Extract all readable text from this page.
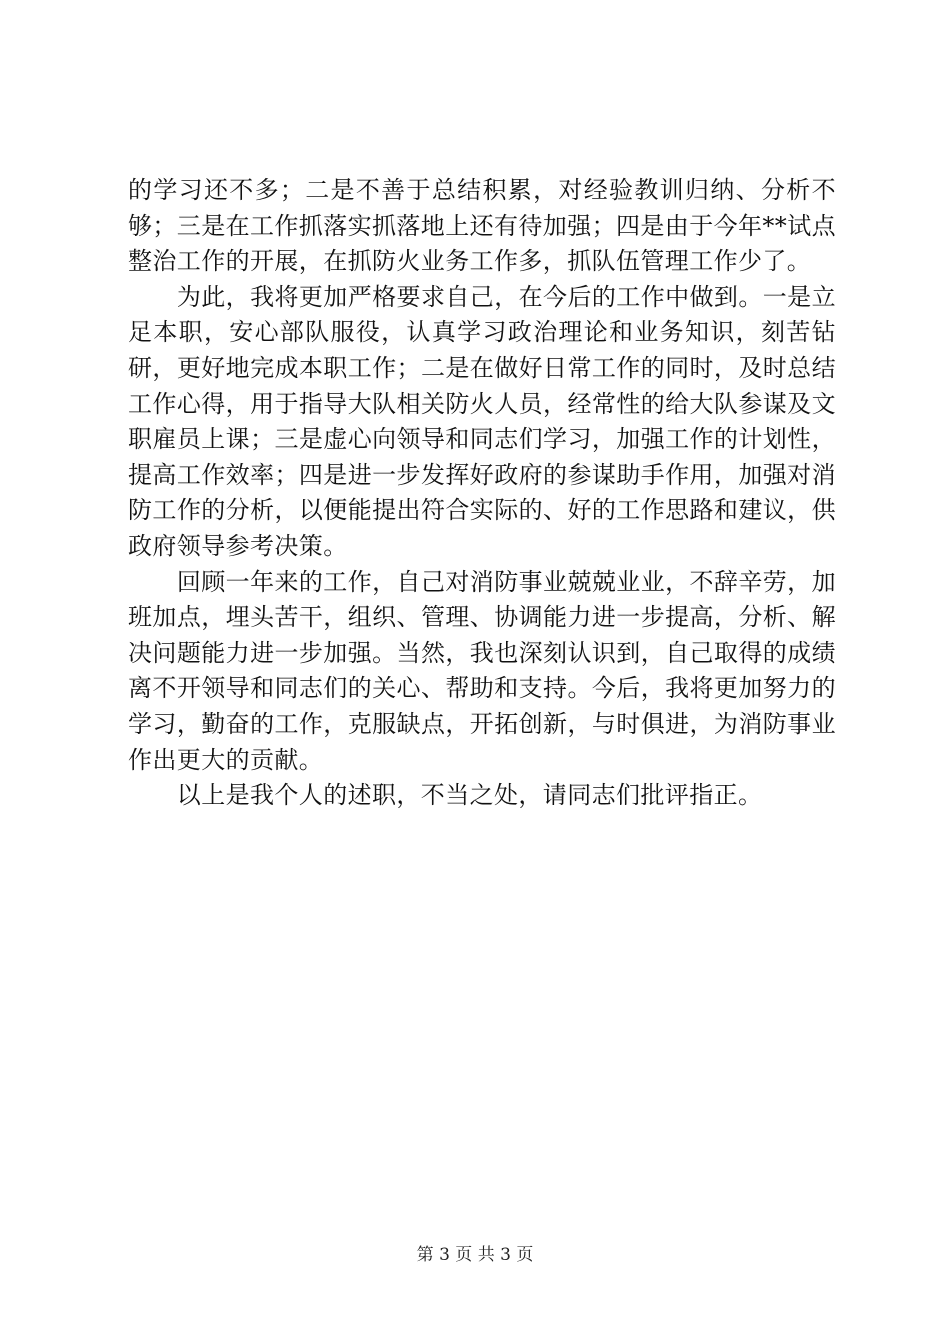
的学习还不多；二是不善于总结积累，对经验教训归纳、分析不够；三是在工作抓落实抓落地上还有待加强；四是由于今年**试点整治工作的开展，在抓防火业务工作多，抓队伍管理工作少了。

　　为此，我将更加严格要求自己，在今后的工作中做到。一是立足本职，安心部队服役，认真学习政治理论和业务知识，刻苦钻研，更好地完成本职工作；二是在做好日常工作的同时，及时总结工作心得，用于指导大队相关防火人员，经常性的给大队参谋及文职雇员上课；三是虚心向领导和同志们学习，加强工作的计划性，提高工作效率；四是进一步发挥好政府的参谋助手作用，加强对消防工作的分析，以便能提出符合实际的、好的工作思路和建议，供政府领导参考决策。

　　回顾一年来的工作，自己对消防事业兢兢业业，不辞辛劳，加班加点，埋头苦干，组织、管理、协调能力进一步提高，分析、解决问题能力进一步加强。当然，我也深刻认识到，自己取得的成绩离不开领导和同志们的关心、帮助和支持。今后，我将更加努力的学习，勤奋的工作，克服缺点，开拓创新，与时俱进，为消防事业作出更大的贡献。

　　以上是我个人的述职，不当之处，请同志们批评指正。

第 3 页 共 3 页
